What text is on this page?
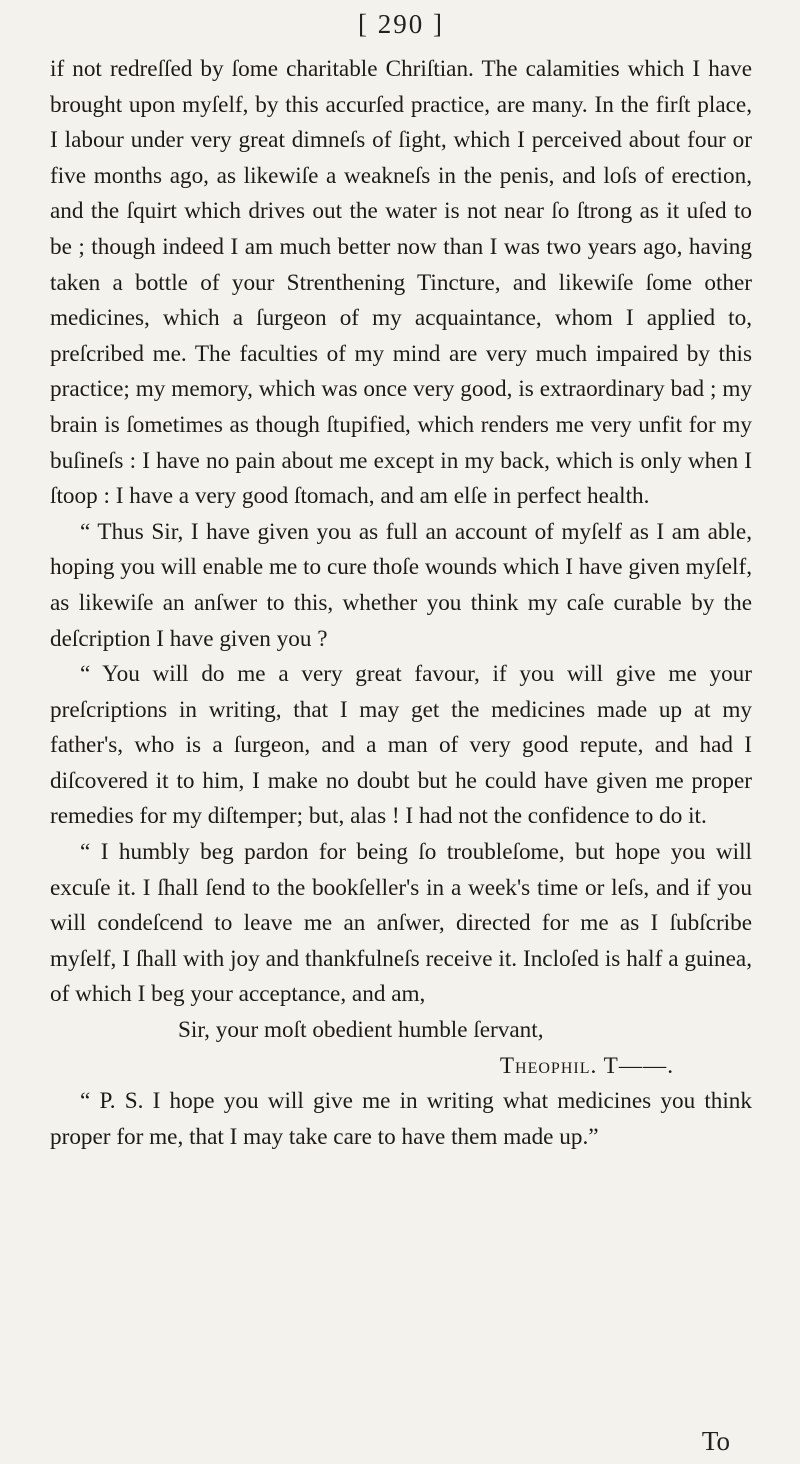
[ 290 ]

if not redreſſed by ſome charitable Chriſtian. The calamities which I have brought upon myſelf, by this accurſed practice, are many. In the firſt place, I labour under very great dimneſs of ſight, which I perceived about four or five months ago, as likewiſe a weakneſs in the penis, and loſs of erection, and the ſquirt which drives out the water is not near ſo ſtrong as it uſed to be ; though indeed I am much better now than I was two years ago, having taken a bottle of your Strenthening Tincture, and likewiſe ſome other medicines, which a ſurgeon of my acquaintance, whom I applied to, preſcribed me. The faculties of my mind are very much impaired by this practice; my memory, which was once very good, is extraordinary bad ; my brain is ſometimes as though ſtupified, which renders me very unfit for my buſineſs : I have no pain about me except in my back, which is only when I ſtoop : I have a very good ſtomach, and am elſe in perfect health.

“ Thus Sir, I have given you as full an account of myſelf as I am able, hoping you will enable me to cure thoſe wounds which I have given myſelf, as likewiſe an anſwer to this, whether you think my caſe curable by the deſcription I have given you ?

“ You will do me a very great favour, if you will give me your preſcriptions in writing, that I may get the medicines made up at my father's, who is a ſurgeon, and a man of very good repute, and had I diſcovered it to him, I make no doubt but he could have given me proper remedies for my diſtemper; but, alas ! I had not the confidence to do it.

“ I humbly beg pardon for being ſo troubleſome, but hope you will excuſe it. I ſhall ſend to the bookſeller's in a week's time or leſs, and if you will condeſcend to leave me an anſwer, directed for me as I ſubſcribe myſelf, I ſhall with joy and thankfulneſs receive it. Incloſed is half a guinea, of which I beg your acceptance, and am,

Sir, your moſt obedient humble ſervant,

Theophil. T——.

“ P. S. I hope you will give me in writing what medicines you think proper for me, that I may take care to have them made up.”

To
